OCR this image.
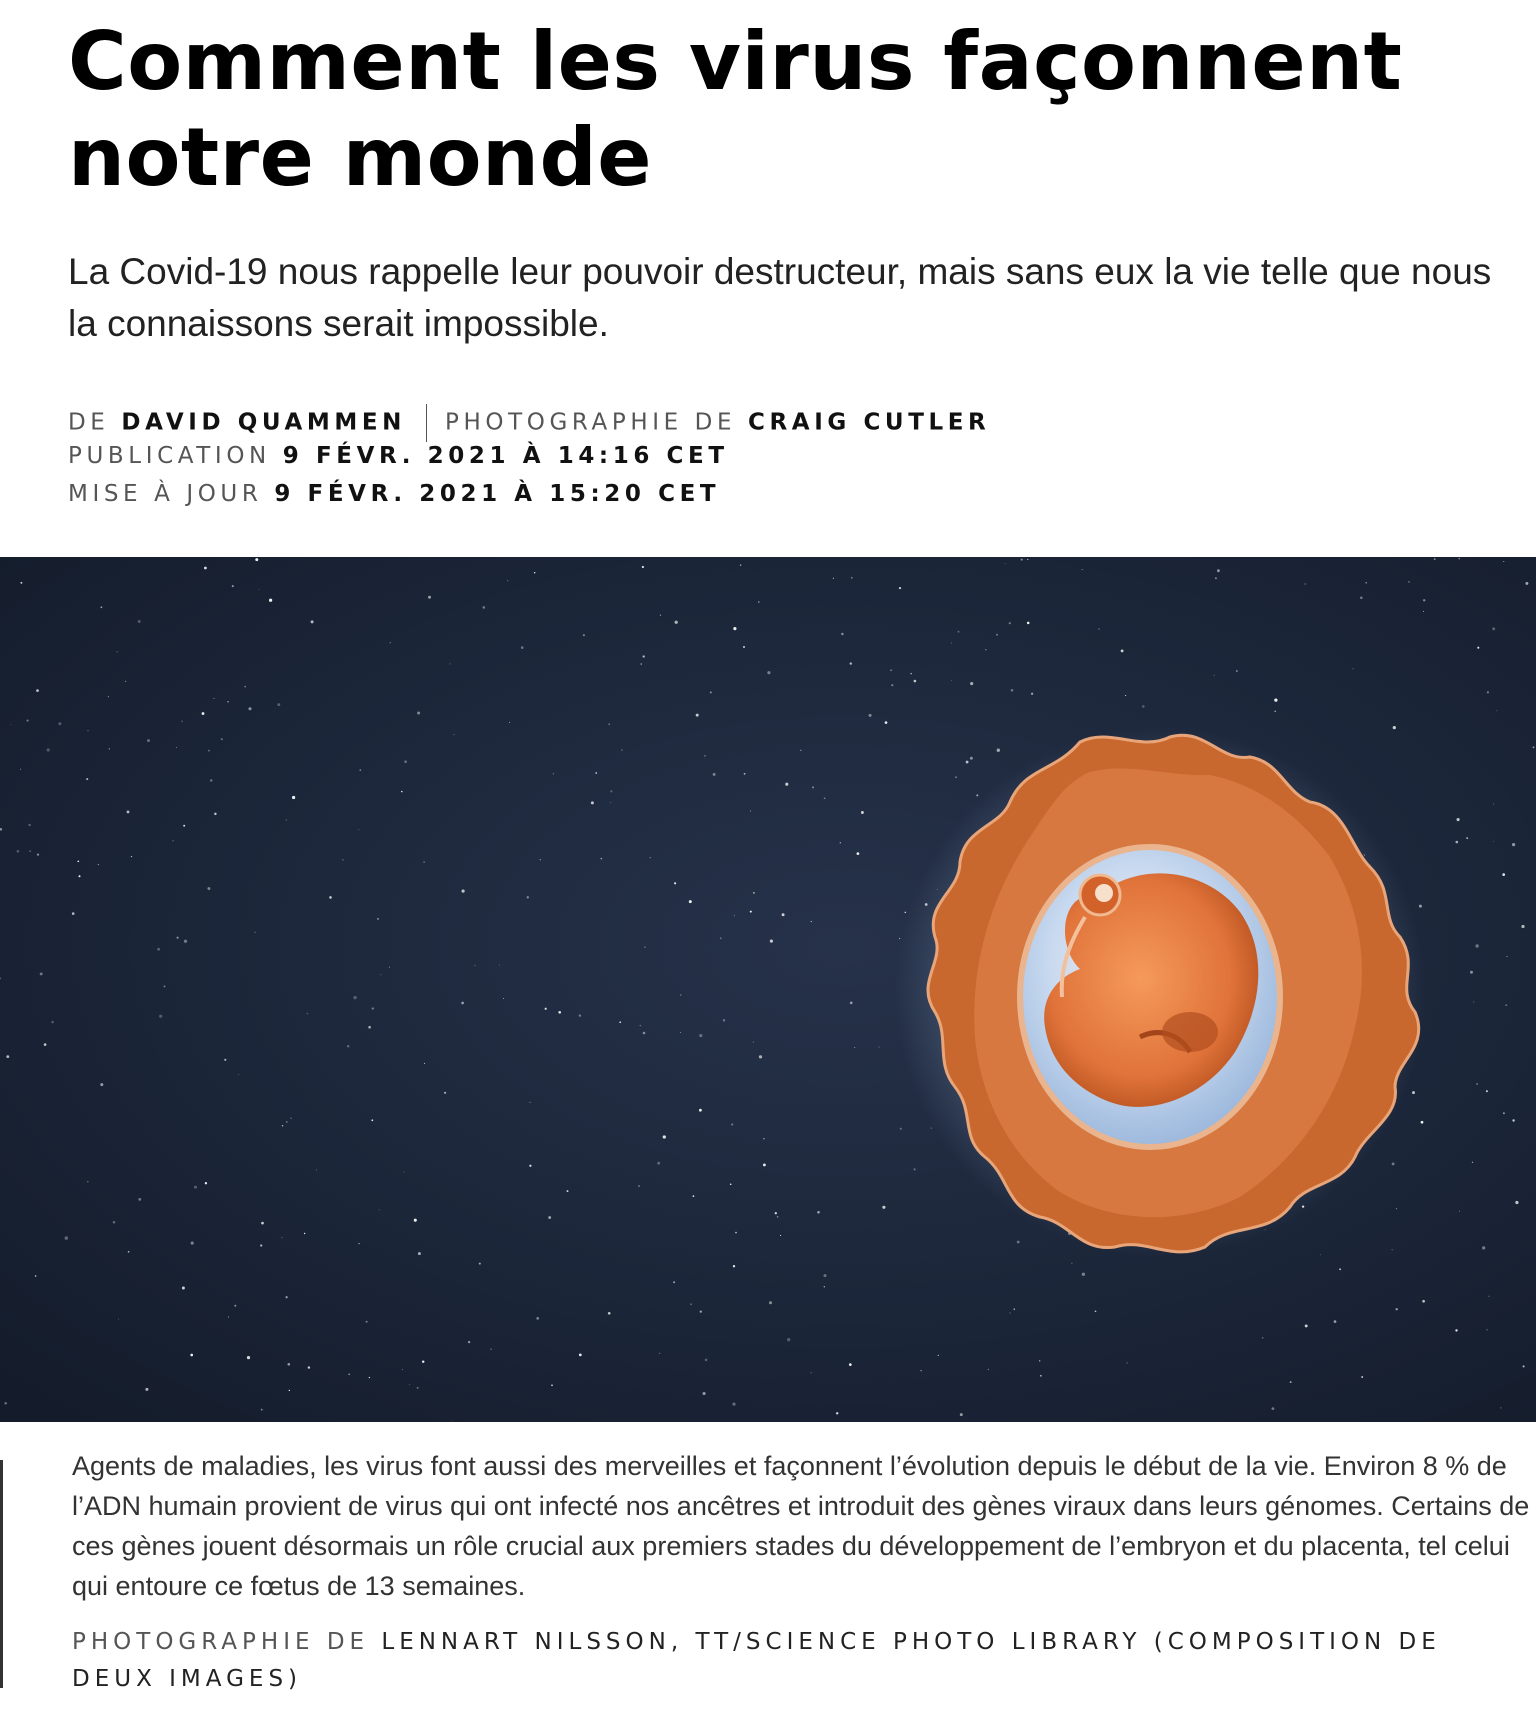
Comment les virus façonnent notre monde

La Covid-19 nous rappelle leur pouvoir destructeur, mais sans eux la vie telle que nous la connaissons serait impossible.

DE DAVID QUAMMEN PHOTOGRAPHIE DE CRAIG CUTLER
PUBLICATION 9 FÉVR. 2021 À 14:16 CET
MISE À JOUR 9 FÉVR. 2021 À 15:20 CET

Agents de maladies, les virus font aussi des merveilles et façonnent l’évolution depuis le début de la vie. Environ 8 % de l’ADN humain provient de virus qui ont infecté nos ancêtres et introduit des gènes viraux dans leurs génomes. Certains de ces gènes jouent désormais un rôle crucial aux premiers stades du développement de l’embryon et du placenta, tel celui qui entoure ce fœtus de 13 semaines.

PHOTOGRAPHIE DE LENNART NILSSON, TT/SCIENCE PHOTO LIBRARY (COMPOSITION DE DEUX IMAGES)
